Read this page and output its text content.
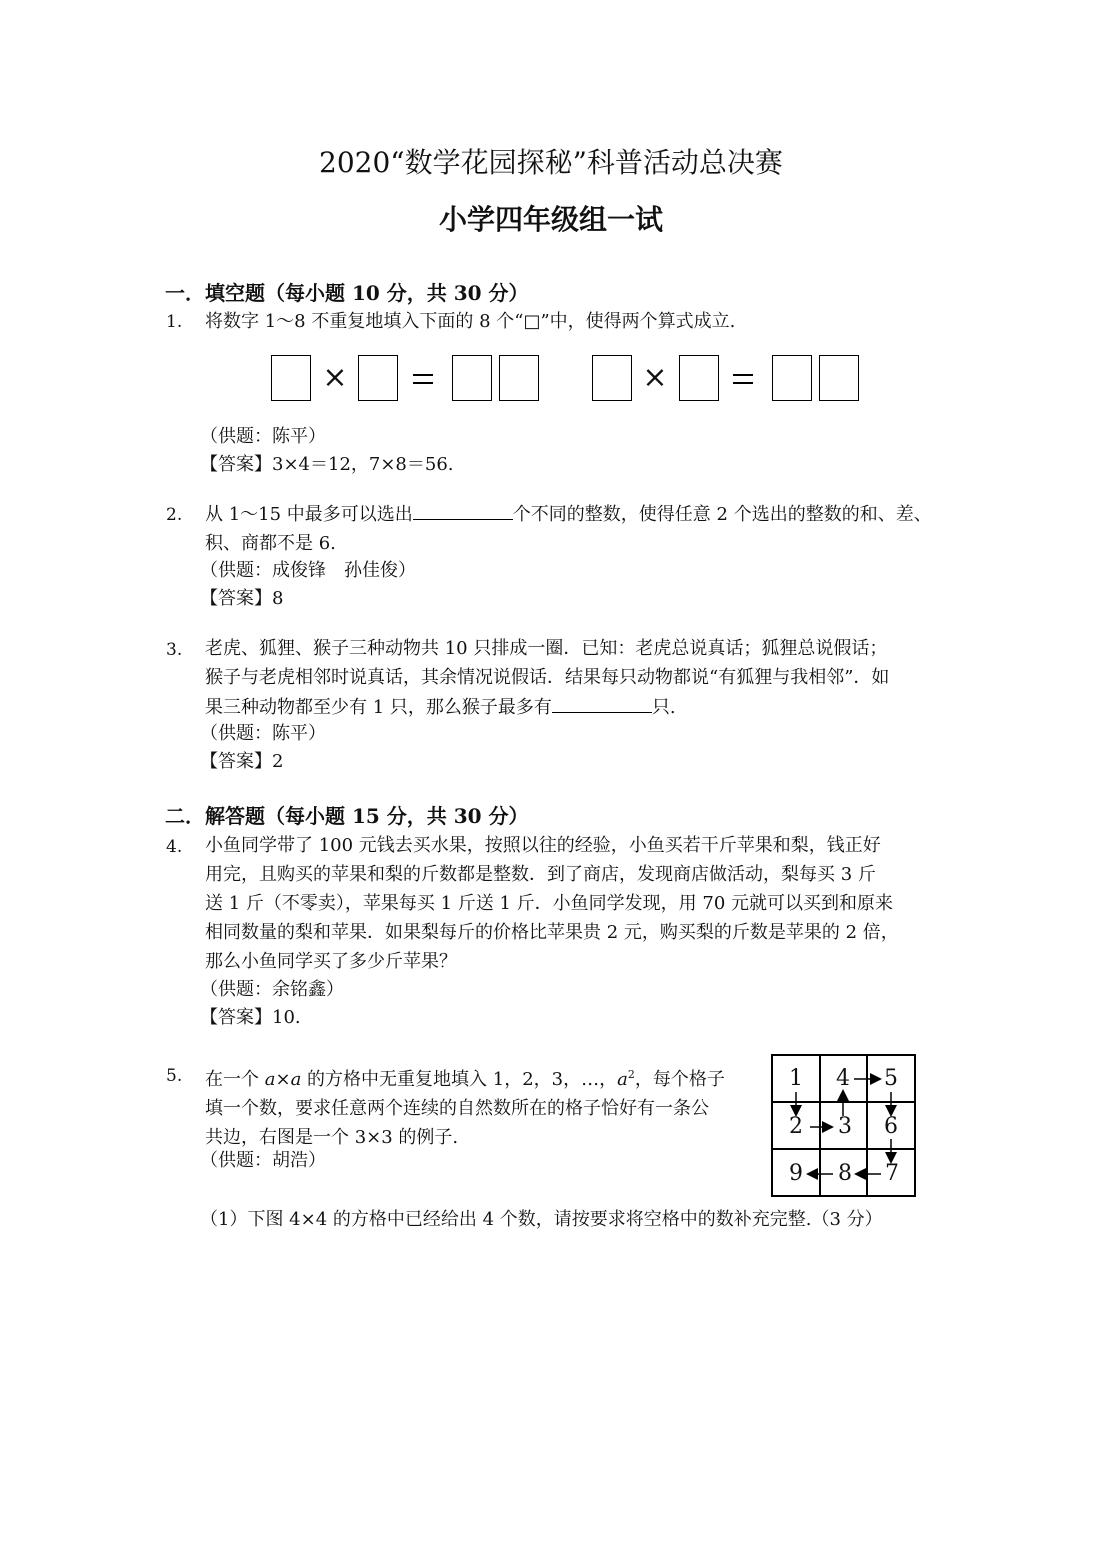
2020“数学花园探秘”科普活动总决赛
小学四年级组一试
一．填空题（每小题 10 分，共 30 分）
1. 将数字 1～8 不重复地填入下面的 8 个“□”中，使得两个算式成立.
×	×
（供题：陈平）
【答案】3×4＝12，7×8＝56.
2. 从 1～15 中最多可以选出	个不同的整数，使得任意 2 个选出的整数的和、差、
积、商都不是 6.
（供题：成俊锋　孙佳俊）
【答案】8
3. 老虎、狐狸、猴子三种动物共 10 只排成一圈．已知：老虎总说真话；狐狸总说假话；
猴子与老虎相邻时说真话，其余情况说假话．结果每只动物都说“有狐狸与我相邻”．如
果三种动物都至少有 1 只，那么猴子最多有	只.
（供题：陈平）
【答案】2
二．解答题（每小题 15 分，共 30 分）
4. 小鱼同学带了 100 元钱去买水果，按照以往的经验，小鱼买若干斤苹果和梨，钱正好
用完，且购买的苹果和梨的斤数都是整数．到了商店，发现商店做活动，梨每买 3 斤
送 1 斤（不零卖），苹果每买 1 斤送 1 斤．小鱼同学发现，用 70 元就可以买到和原来
相同数量的梨和苹果．如果梨每斤的价格比苹果贵 2 元，购买梨的斤数是苹果的 2 倍，
那么小鱼同学买了多少斤苹果？
（供题：余铭鑫）
【答案】10.
5. 在一个 a×a 的方格中无重复地填入 1，2，3，…，$a^2$，每个格子
填一个数，要求任意两个连续的自然数所在的格子恰好有一条公
共边，右图是一个 3×3 的例子.
（供题：胡浩）
（1）下图 4×4 的方格中已经给出 4 个数，请按要求将空格中的数补充完整.（3 分）
1 4 5
2 3 6
9 8 7
